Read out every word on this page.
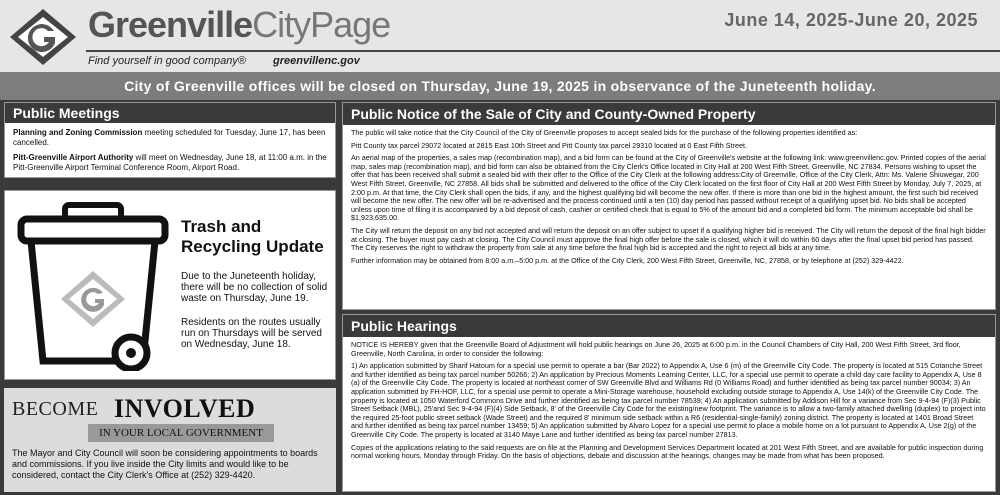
GreenvilleCityPage
Find yourself in good company® greenvillenc.gov
June 14, 2025-June 20, 2025
City of Greenville offices will be closed on Thursday, June 19, 2025 in observance of the Juneteenth holiday.
Public Meetings
Planning and Zoning Commission meeting scheduled for Tuesday, June 17, has been cancelled.
Pitt-Greenville Airport Authority will meet on Wednesday, June 18, at 11:00 a.m. in the Pitt-Greenville Airport Terminal Conference Room, Airport Road.
Trash and Recycling Update
Due to the Juneteenth holiday, there will be no collection of solid waste on Thursday, June 19.
Residents on the routes usually run on Thursdays will be served on Wednesday, June 18.
BECOME INVOLVED
IN YOUR LOCAL GOVERNMENT
The Mayor and City Council will soon be considering appointments to boards and commissions. If you live inside the City limits and would like to be considered, contact the City Clerk's Office at (252) 329-4420.
Public Notice of the Sale of City and County-Owned Property

The public will take notice that the City Council of the City of Greenville proposes to accept sealed bids for the purchase of the following properties identified as:

Pitt County tax parcel 29072 located at 2815 East 10th Street and Pitt County tax parcel 29310 located at 0 East Fifth Street.

An aerial map of the properties, a sales map (recombination map), and a bid form can be found at the City of Greenville's website at the following link: www.greenvillenc.gov. Printed copies of the aerial map, sales map (recombination map), and bid form can also be obtained from the City Clerk's Office located in City Hall at 200 West Fifth Street, Greenville, NC 27834. Persons wishing to upset the offer that has been received shall submit a sealed bid with their offer to the Office of the City Clerk at the following address:City of Greenville, Office of the City Clerk, Attn: Ms. Valerie Shiuwegar, 200 West Fifth Street, Greenville, NC 27858. All bids shall be submitted and delivered to the office of the City Clerk located on the first floor of City Hall at 200 West Fifth Street by Monday, July 7, 2025, at 2:00 p.m. At that time, the City Clerk shall open the bids, if any, and the highest qualifying bid will become the new offer. If there is more than one bid in the highest amount, the first such bid received will become the new offer. The new offer will be re-advertised and the process continued until a ten (10) day period has passed without receipt of a qualifying upset bid. No bids shall be accepted unless upon time of filing it is accompanied by a bid deposit of cash, cashier or certified check that is equal to 5% of the amount bid and a completed bid form. The minimum acceptable bid shall be $1,923,635.00.

The City will return the deposit on any bid not accepted and will return the deposit on an offer subject to upset if a qualifying higher bid is received. The City will return the deposit of the final high bidder at closing. The buyer must pay cash at closing. The City Council must approve the final high offer before the sale is closed, which it will do within 60 days after the final upset bid period has passed. The City reserves the right to withdraw the property from sale at any time before the final high bid is accepted and the right to reject all bids at any time.

Further information may be obtained from 8:00 a.m.–5:00 p.m. at the Office of the City Clerk, 200 West Fifth Street, Greenville, NC, 27858, or by telephone at (252) 329-4422.

Public Hearings

NOTICE IS HEREBY given that the Greenville Board of Adjustment will hold public hearings on June 26, 2025 at 6:00 p.m. in the Council Chambers of City Hall, 200 West Fifth Street, 3rd floor, Greenville, North Carolina, in order to consider the following:

1) An application submitted by Sharif Hatoum for a special use permit to operate a bar (Bar 2022) to Appendix A, Use 6 (m) of the Greenville City Code. The property is located at 515 Cotanche Street and further identified as being tax parcel number 50266; 2) An application by Precious Moments Learning Center, LLC, for a special use permit to operate a child day care facility to Appendix A, Use 8 (a) of the Greenville City Code. The property is located at northeast corner of SW Greenville Blvd and Williams Rd (0 Williams Road) and further identified as being tax parcel number 90034; 3) An application submitted by FH-HOF, LLC, for a special use permit to operate a Mini-Storage warehouse, household excluding outside storage to Appendix A, Use 14(k) of the Greenville City Code. The property is located at 1050 Waterford Commons Drive and further identified as being tax parcel number 78539; 4) An application submitted by Addison Hill for a variance from Sec 9-4-94 (F)(3) Public Street Setback (MBL), 25'and Sec 9-4-94 (F)(4) Side Setback, 8' of the Greenville City Code for the existing/new footprint. The variance is to allow a two-family attached dwelling (duplex) to project into the required 25-foot public street setback (Wade Street) and the required 8' minimum side setback within a R6 (residential-single-family) zoning district. The property is located at 1401 Broad Street and further identified as being tax parcel number 13459; 5) An application submitted by Alvaro Lopez for a special use permit to place a mobile home on a lot pursuant to Appendix A, Use 2(g) of the Greenville City Code. The property is located at 3140 Maye Lane and further identified as being tax parcel number 27813.

Copies of the applications relating to the said requests are on file at the Planning and Development Services Department located at 201 West Fifth Street, and are available for public inspection during normal working hours, Monday through Friday. On the basis of objections, debate and discussion at the hearings, changes may be made from what has been proposed.
